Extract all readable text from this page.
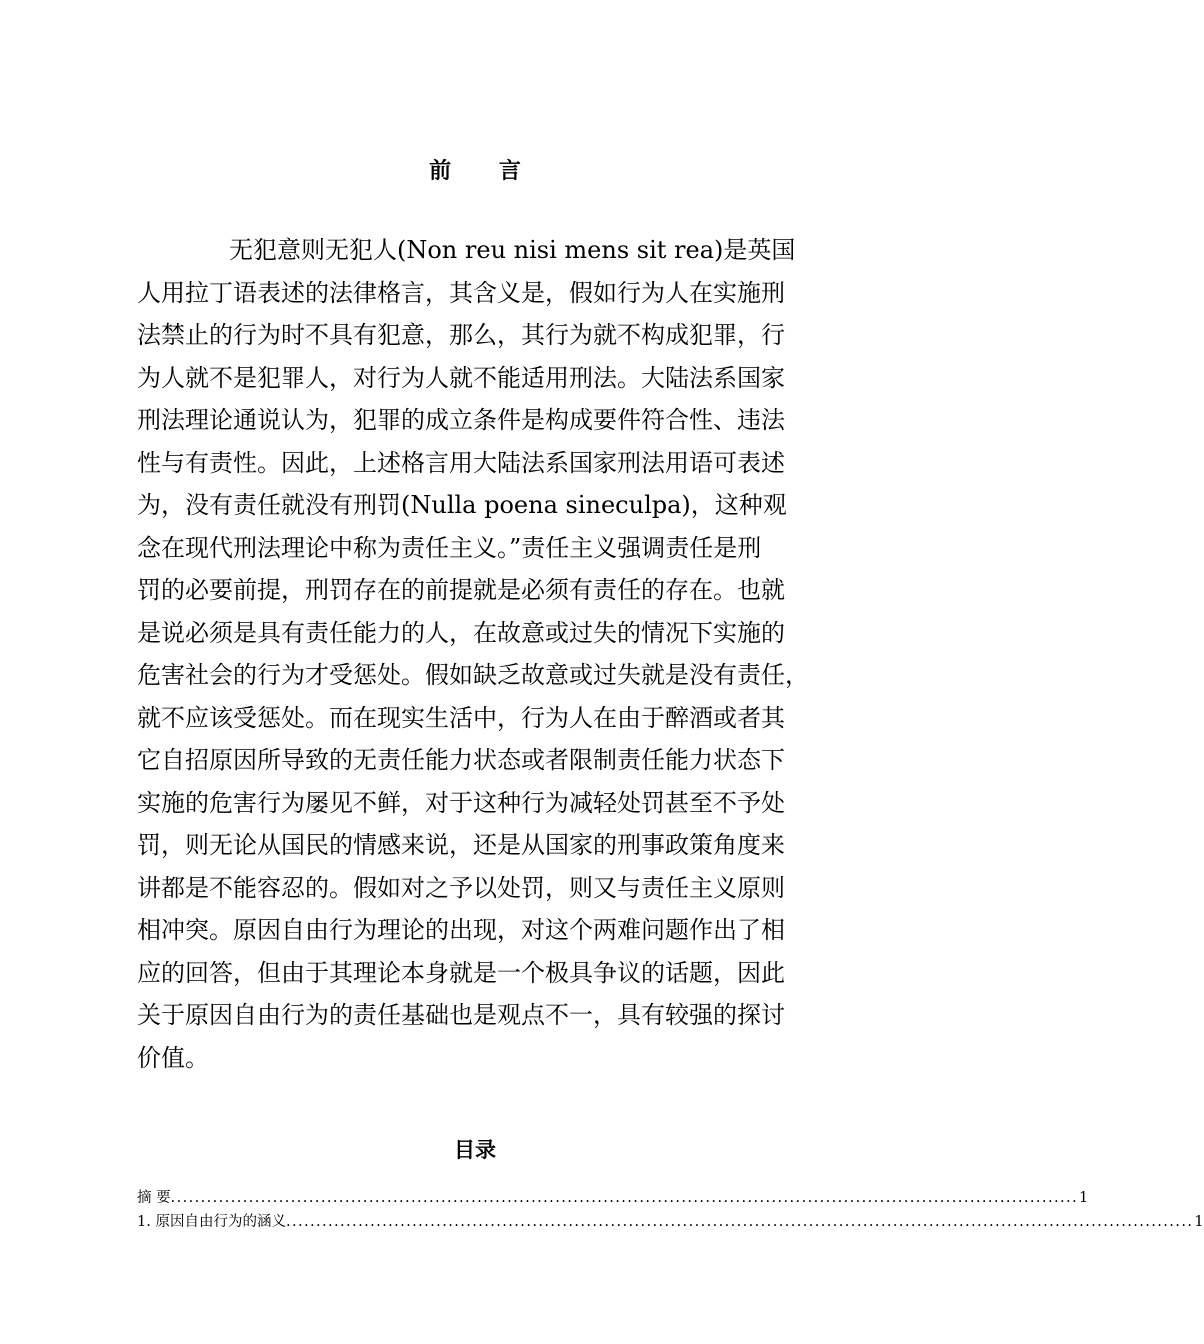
前 言
无犯意则无犯人(Non reu nisi mens sit rea)是英国
人用拉丁语表述的法律格言，其含义是，假如行为人在实施刑
法禁止的行为时不具有犯意，那么，其行为就不构成犯罪，行
为人就不是犯罪人，对行为人就不能适用刑法。大陆法系国家
刑法理论通说认为，犯罪的成立条件是构成要件符合性、违法
性与有责性。因此，上述格言用大陆法系国家刑法用语可表述
为，没有责任就没有刑罚(Nulla poena sineculpa)，这种观
念在现代刑法理论中称为责任主义。”责任主义强调责任是刑
罚的必要前提，刑罚存在的前提就是必须有责任的存在。也就
是说必须是具有责任能力的人，在故意或过失的情况下实施的
危害社会的行为才受惩处。假如缺乏故意或过失就是没有责任，
就不应该受惩处。而在现实生活中，行为人在由于醉酒或者其
它自招原因所导致的无责任能力状态或者限制责任能力状态下
实施的危害行为屡见不鲜，对于这种行为减轻处罚甚至不予处
罚，则无论从国民的情感来说，还是从国家的刑事政策角度来
讲都是不能容忍的。假如对之予以处罚，则又与责任主义原则
相冲突。原因自由行为理论的出现，对这个两难问题作出了相
应的回答，但由于其理论本身就是一个极具争议的话题，因此
关于原因自由行为的责任基础也是观点不一，具有较强的探讨
价值。
目录
摘 要 ....................................................................................................................................................... 1
1. 原因自由行为的涵义 ....................................................................................................................................................... 1
